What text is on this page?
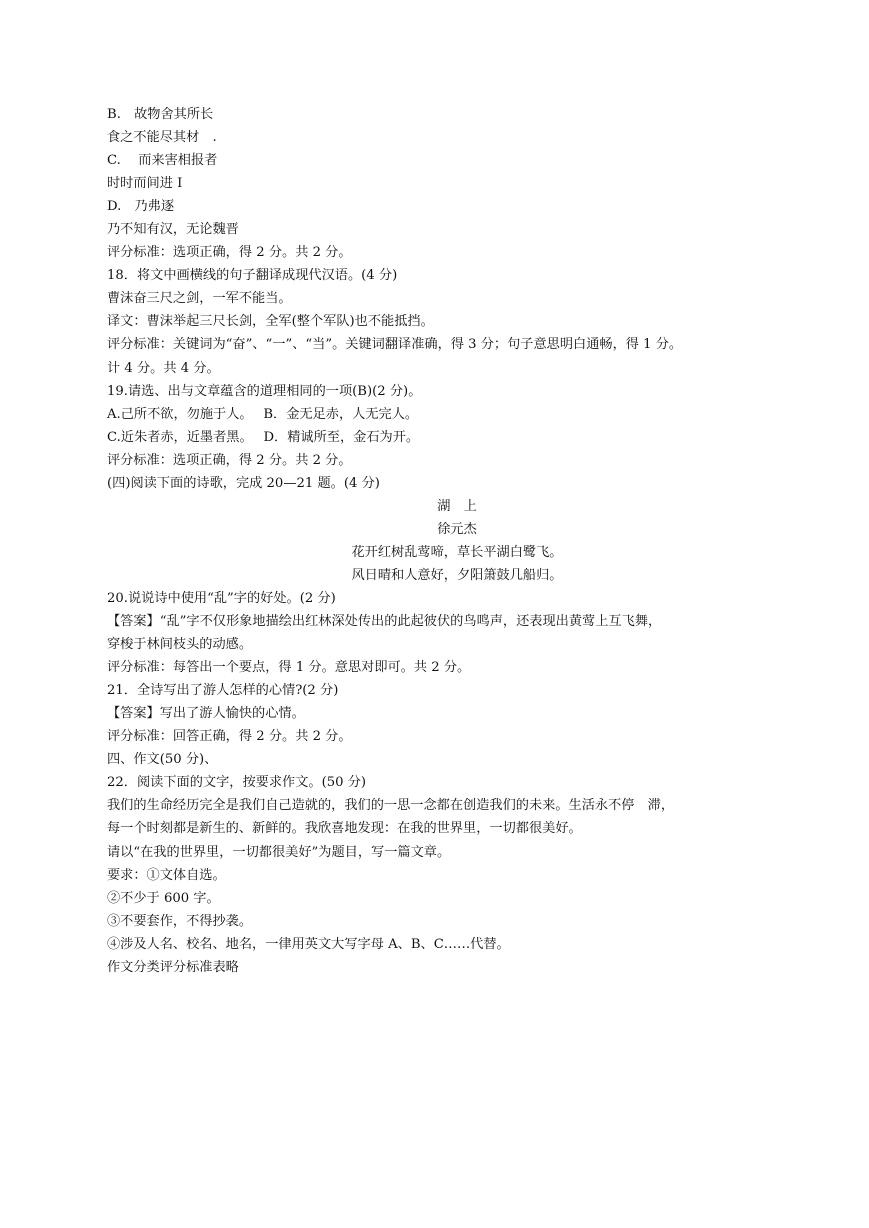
B.　故物舍其所长
食之不能尽其材　.
C.　 而来害相报者
时时而间进 I
D.　乃弗逐
乃不知有汉，无论魏晋
评分标准：选项正确，得 2 分。共 2 分。
18．将文中画横线的句子翻译成现代汉语。(4 分)
曹沫奋三尺之剑，一军不能当。
译文：曹沫举起三尺长剑，全军(整个军队)也不能抵挡。
评分标准：关键词为“奋”、“一”、“当”。关键词翻译准确，得 3 分；句子意思明白通畅，得 1 分。
计 4 分。共 4 分。
19.请选、出与文章蕴含的道理相同的一项(B)(2 分)。
A.己所不欲，勿施于人。　 B．金无足赤，人无完人。
C.近朱者赤，近墨者黑。　 D．精诚所至，金石为开。
评分标准：选项正确，得 2 分。共 2 分。
(四)阅读下面的诗歌，完成 20—21 题。(4 分)
湖　上
徐元杰
花开红树乱莺啼，草长平湖白鹭飞。
风日晴和人意好，夕阳箫鼓几船归。
20.说说诗中使用“乱”字的好处。(2 分)
【答案】“乱”字不仅形象地描绘出红林深处传出的此起彼伏的鸟鸣声，还表现出黄莺上互飞舞，
穿梭于林间枝头的动感。
评分标准：每答出一个要点，得 1 分。意思对即可。共 2 分。
21．全诗写出了游人怎样的心情?(2 分)
【答案】写出了游人愉快的心情。
评分标准：回答正确，得 2 分。共 2 分。
四、作文(50 分)、
22．阅读下面的文字，按要求作文。(50 分)
我们的生命经历完全是我们自己造就的，我们的一思一念都在创造我们的未来。生活永不停　滞，
每一个时刻都是新生的、新鲜的。我欣喜地发现：在我的世界里，一切都很美好。
请以“在我的世界里，一切都很美好”为题目，写一篇文章。
要求：①文体自选。
②不少于 600 字。
③不要套作，不得抄袭。
④涉及人名、校名、地名，一律用英文大写字母 A、B、C……代替。
作文分类评分标准表略
